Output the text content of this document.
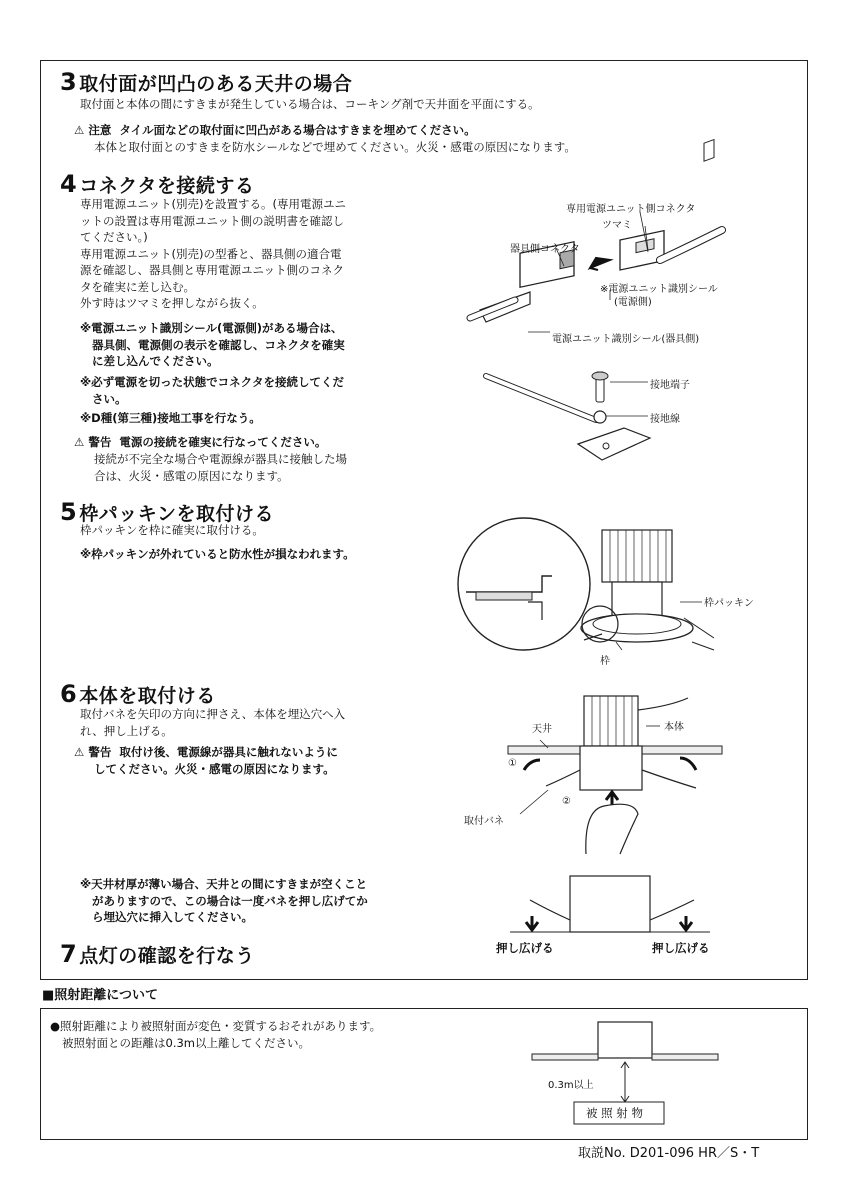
3 取付面が凹凸のある天井の場合
取付面と本体の間にすきまが発生している場合は、コーキング剤で天井面を平面にする。
⚠ 注意 タイル面などの取付面に凹凸がある場合はすきまを埋めてください。
本体と取付面とのすきまを防水シールなどで埋めてください。火災・感電の原因になります。
4 コネクタを接続する
専用電源ユニット(別売)を設置する。(専用電源ユニ
ットの設置は専用電源ユニット側の説明書を確認し
てください。)
専用電源ユニット(別売)の型番と、器具側の適合電
源を確認し、器具側と専用電源ユニット側のコネク
タを確実に差し込む。
外す時はツマミを押しながら抜く。
※電源ユニット識別シール(電源側)がある場合は、
器具側、電源側の表示を確認し、コネクタを確実
に差し込んでください。
※必ず電源を切った状態でコネクタを接続してくだ
さい。
※D種(第三種)接地工事を行なう。
⚠ 警告 電源の接続を確実に行なってください。
接続が不完全な場合や電源線が器具に接触した場
合は、火災・感電の原因になります。
専用電源ユニット側コネクタ
ツマミ
器具側コネクタ
※電源ユニット識別シール
(電源側)
電源ユニット識別シール(器具側)
接地端子
接地線
5 枠パッキンを取付ける
枠パッキンを枠に確実に取付ける。
※枠パッキンが外れていると防水性が損なわれます。
枠パッキン
枠
6 本体を取付ける
取付バネを矢印の方向に押さえ、本体を埋込穴へ入
れ、押し上げる。
⚠ 警告 取付け後、電源線が器具に触れないように
してください。火災・感電の原因になります。
天井	本体
①
②
取付バネ
※天井材厚が薄い場合、天井との間にすきまが空くこと
がありますので、この場合は一度バネを押し広げてか
ら埋込穴に挿入してください。
押し広げる	押し広げる
7 点灯の確認を行なう
■照射距離について
●照射距離により被照射面が変色・変質するおそれがあります。
被照射面との距離は0.3m以上離してください。
0.3m以上
被 照 射 物
取説No. D201-096 HR／S・T
